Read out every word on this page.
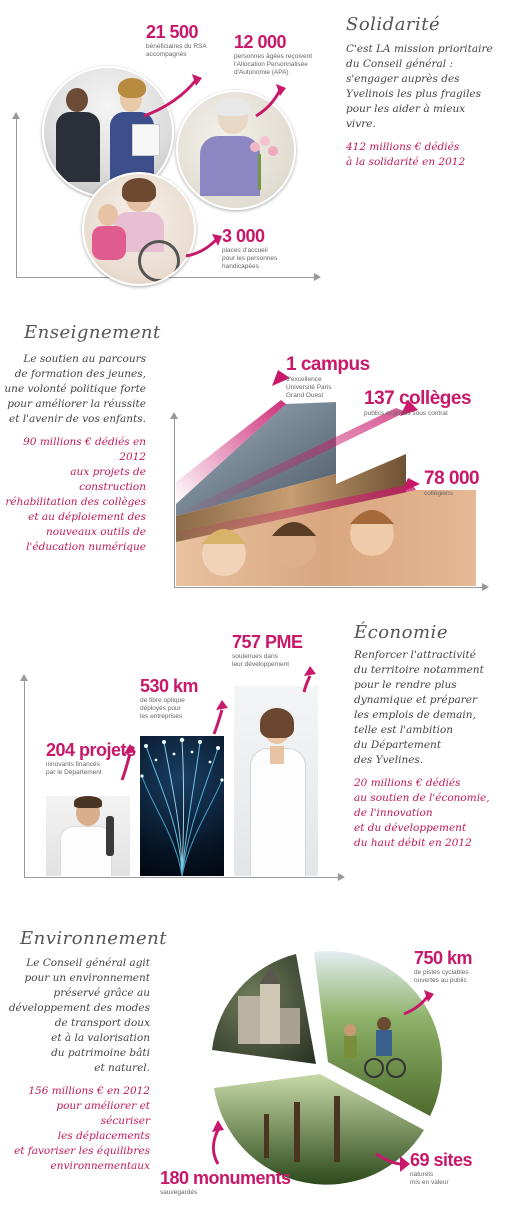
21 500
bénéficiaires du RSA
accompagnés
12 000
personnes âgées reçoivent
l'Allocation Personnalisée
d'Autonomie (APA)
3 000
places d'accueil
pour les personnes
handicapées
Solidarité
C'est LA mission prioritaire
du Conseil général :
s'engager auprès des
Yvelinois les plus fragiles
pour les aider à mieux
vivre.
412 millions € dédiés
à la solidarité en 2012
Enseignement
Le soutien au parcours
de formation des jeunes,
une volonté politique forte
pour améliorer la réussite
et l'avenir de vos enfants.
90 millions € dédiés en 2012
aux projets de construction
réhabilitation des collèges
et au déploiement des
nouveaux outils de
l'éducation numérique
1 campus
d'excellence
Université Paris
Grand Ouest	137 collèges
publics et privés sous contrat
78 000
collégiens
204 projets
innovants financés
par le Département
530 km
de fibre optique
déployés pour
les entreprises
757 PME
soutenues dans
leur développement
Économie
Renforcer l'attractivité
du territoire notamment
pour le rendre plus
dynamique et préparer
les emplois de demain,
telle est l'ambition
du Département
des Yvelines.
20 millions € dédiés
au soutien de l'économie,
de l'innovation
et du développement
du haut débit en 2012
Environnement
Le Conseil général agit
pour un environnement
préservé grâce au
développement des modes
de transport doux
et à la valorisation
du patrimoine bâti
et naturel.
156 millions € en 2012
pour améliorer et sécuriser
les déplacements
et favoriser les équilibres
environnementaux
750 km
de pistes cyclables
ouvertes au public
180 monuments
sauvegardés
69 sites
naturels
mis en valeur
